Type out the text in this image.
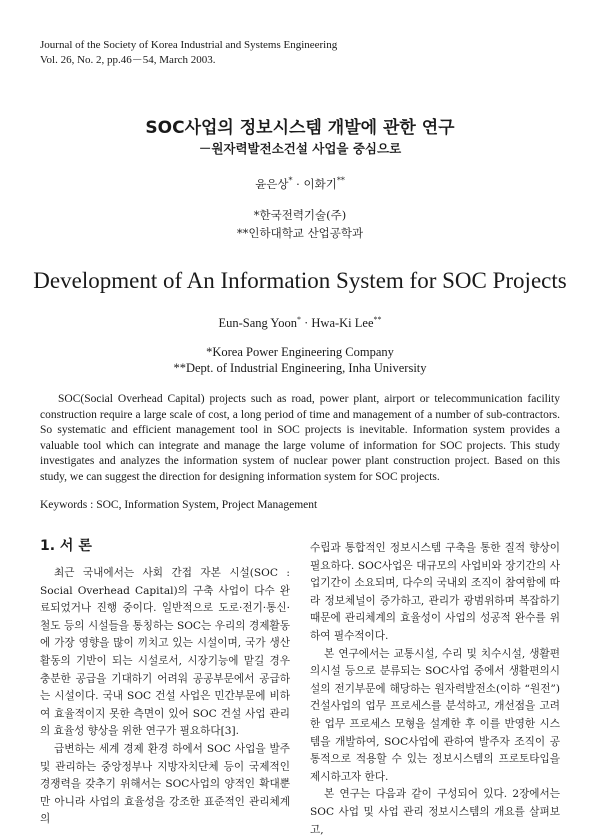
Journal of the Society of Korea Industrial and Systems Engineering
Vol. 26, No. 2, pp.46－54, March 2003.
SOC사업의 정보시스템 개발에 관한 연구
－원자력발전소건설 사업을 중심으로
윤은상* · 이화기**
*한국전력기술(주)
**인하대학교 산업공학과
Development of An Information System for SOC Projects
Eun-Sang Yoon* · Hwa-Ki Lee**
*Korea Power Engineering Company
**Dept. of Industrial Engineering, Inha University

SOC(Social Overhead Capital) projects such as road, power plant, airport or telecommunication facility construction require a large scale of cost, a long period of time and management of a number of sub-contractors. So systematic and efficient management tool in SOC projects is inevitable. Information system provides a valuable tool which can integrate and manage the large volume of information for SOC projects. This study investigates and analyzes the information system of nuclear power plant construction project. Based on this study, we can suggest the direction for designing information system for SOC projects.

Keywords : SOC, Information System, Project Management
1. 서 론

최근 국내에서는 사회 간접 자본 시설(SOC : Social Overhead Capital)의 구축 사업이 다수 완료되었거나 진행 중이다. 일반적으로 도로·전기·통신·철도 등의 시설들을 통칭하는 SOC는 우리의 경제활동에 가장 영향을 많이 끼치고 있는 시설이며, 국가 생산 활동의 기반이 되는 시설로서, 시장기능에 맡길 경우 충분한 공급을 기대하기 어려워 공공부문에서 공급하는 시설이다. 국내 SOC 건설 사업은 민간부문에 비하여 효율적이지 못한 측면이 있어 SOC 건설 사업 관리의 효율성 향상을 위한 연구가 필요하다[3].

급변하는 세계 경제 환경 하에서 SOC 사업을 발주 및 관리하는 중앙정부나 지방자치단체 등이 국제적인 경쟁력을 갖추기 위해서는 SOC사업의 양적인 확대뿐만 아니라 사업의 효율성을 강조한 표준적인 관리체계의

수립과 통합적인 정보시스템 구축을 통한 질적 향상이 필요하다. SOC사업은 대규모의 사업비와 장기간의 사업기간이 소요되며, 다수의 국내외 조직이 참여함에 따라 정보체널이 증가하고, 관리가 광범위하며 복잡하기 때문에 관리체계의 효율성이 사업의 성공적 완수를 위하여 필수적이다.

본 연구에서는 교통시설, 수리 및 치수시설, 생활편의시설 등으로 분류되는 SOC사업 중에서 생활편의시설의 전기부문에 해당하는 원자력발전소(이하 “원전”)건설사업의 업무 프로세스를 분석하고, 개선점을 고려한 업무 프로세스 모형을 설계한 후 이를 반영한 시스템을 개발하여, SOC사업에 관하여 발주자 조직이 공통적으로 적용할 수 있는 정보시스템의 프로토타입을 제시하고자 한다.

본 연구는 다음과 같이 구성되어 있다. 2장에서는 SOC 사업 및 사업 관리 정보시스템의 개요를 살펴보고,
